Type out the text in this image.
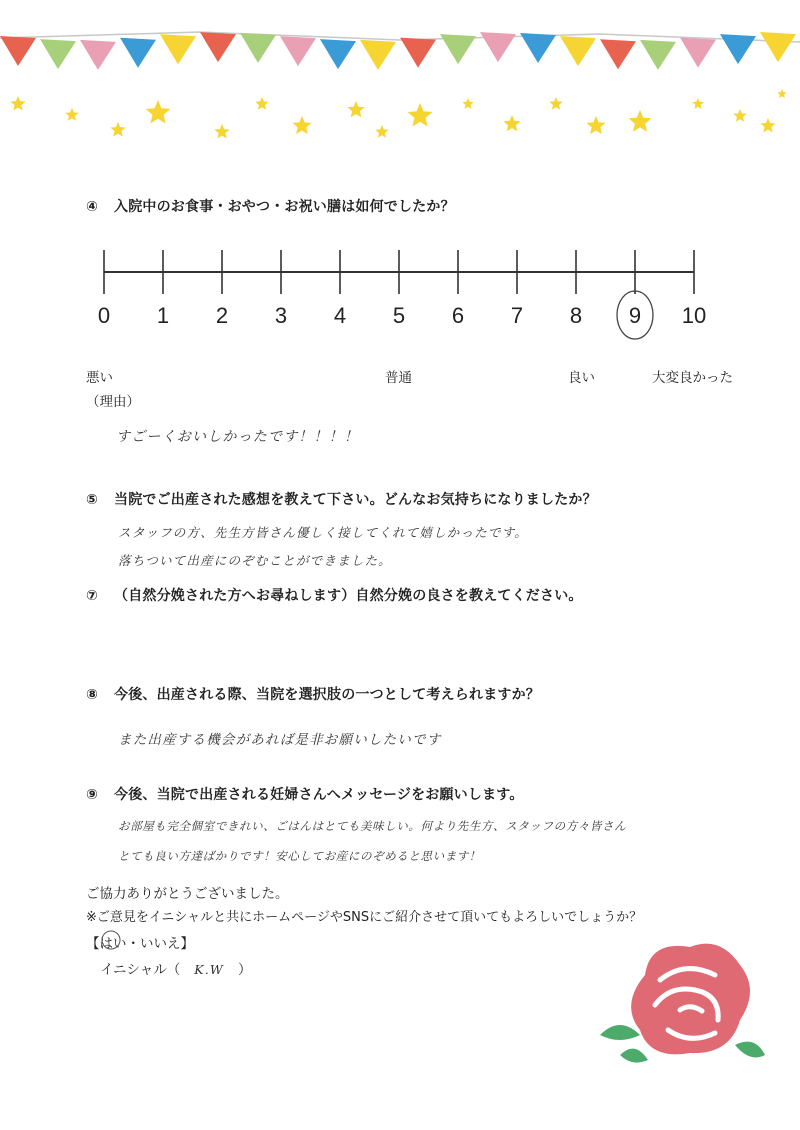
④ 入院中のお食事・おやつ・お祝い膳は如何でしたか？
0 1 2 3 4 5 6 7 8 9 10
悪い	普通	良い	大変良かった
（理由）
すごーくおいしかったです！！！！
⑤ 当院でご出産された感想を教えて下さい。どんなお気持ちになりましたか？
スタッフの方、先生方皆さん優しく接してくれて嬉しかったです。
落ちついて出産にのぞむことができました。
⑦ （自然分娩された方へお尋ねします）自然分娩の良さを教えてください。
⑧ 今後、出産される際、当院を選択肢の一つとして考えられますか？
また出産する機会があれば是非お願いしたいです
⑨ 今後、当院で出産される妊婦さんへメッセージをお願いします。
お部屋も完全個室できれい、ごはんはとても美味しい。何より先生方、スタッフの方々皆さん
とても良い方達ばかりです！安心してお産にのぞめると思います！
ご協力ありがとうございました。
※ご意見をイニシャルと共にホームページやSNSにご紹介させて頂いてもよろしいでしょうか？
【はい・いいえ】
イニシャル（ K.W ）
